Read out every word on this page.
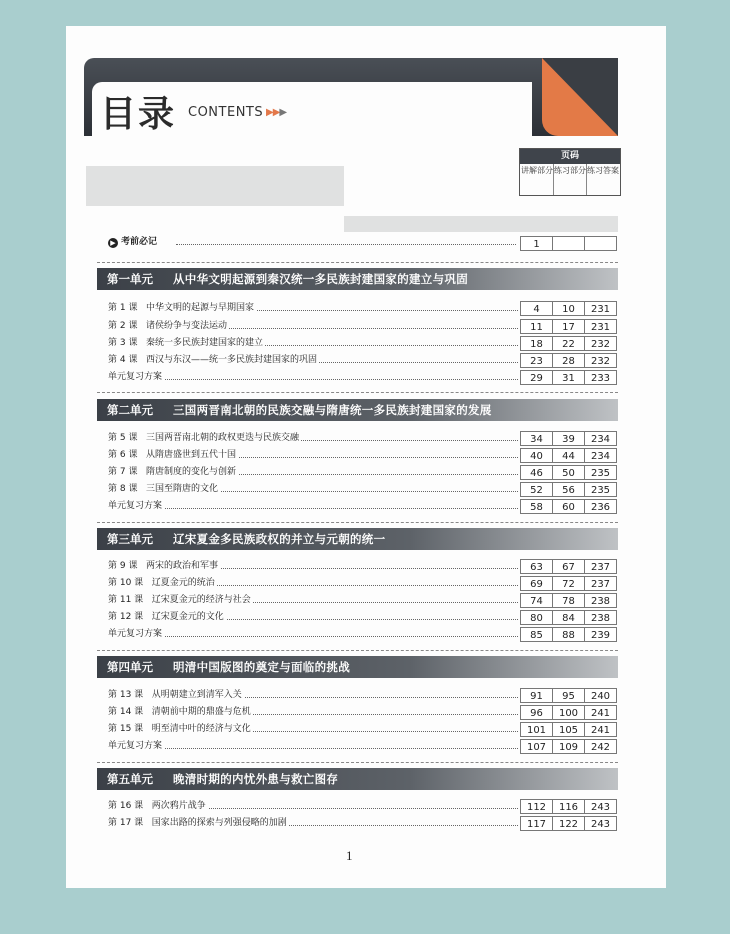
目录 CONTENTS ▶▶▶
页码
讲解部分 练习部分 练习答案
▶ 考前必记	1
第一单元 从中华文明起源到秦汉统一多民族封建国家的建立与巩固
第 1 课 中华文明的起源与早期国家	4	10	231
第 2 课 诸侯纷争与变法运动	11	17	231
第 3 课 秦统一多民族封建国家的建立	18	22	232
第 4 课 西汉与东汉——统一多民族封建国家的巩固	23	28	232
单元复习方案	29	31	233
第二单元 三国两晋南北朝的民族交融与隋唐统一多民族封建国家的发展
第 5 课 三国两晋南北朝的政权更迭与民族交融	34	39	234
第 6 课 从隋唐盛世到五代十国	40	44	234
第 7 课 隋唐制度的变化与创新	46	50	235
第 8 课 三国至隋唐的文化	52	56	235
单元复习方案	58	60	236
第三单元 辽宋夏金多民族政权的并立与元朝的统一
第 9 课 两宋的政治和军事	63	67	237
第 10 课 辽夏金元的统治	69	72	237
第 11 课 辽宋夏金元的经济与社会	74	78	238
第 12 课 辽宋夏金元的文化	80	84	238
单元复习方案	85	88	239
第四单元 明清中国版图的奠定与面临的挑战
第 13 课 从明朝建立到清军入关	91	95	240
第 14 课 清朝前中期的鼎盛与危机	96	100	241
第 15 课 明至清中叶的经济与文化	101	105	241
单元复习方案	107	109	242
第五单元 晚清时期的内忧外患与救亡图存
第 16 课 两次鸦片战争	112	116	243
第 17 课 国家出路的探索与列强侵略的加剧	117	122	243
1
